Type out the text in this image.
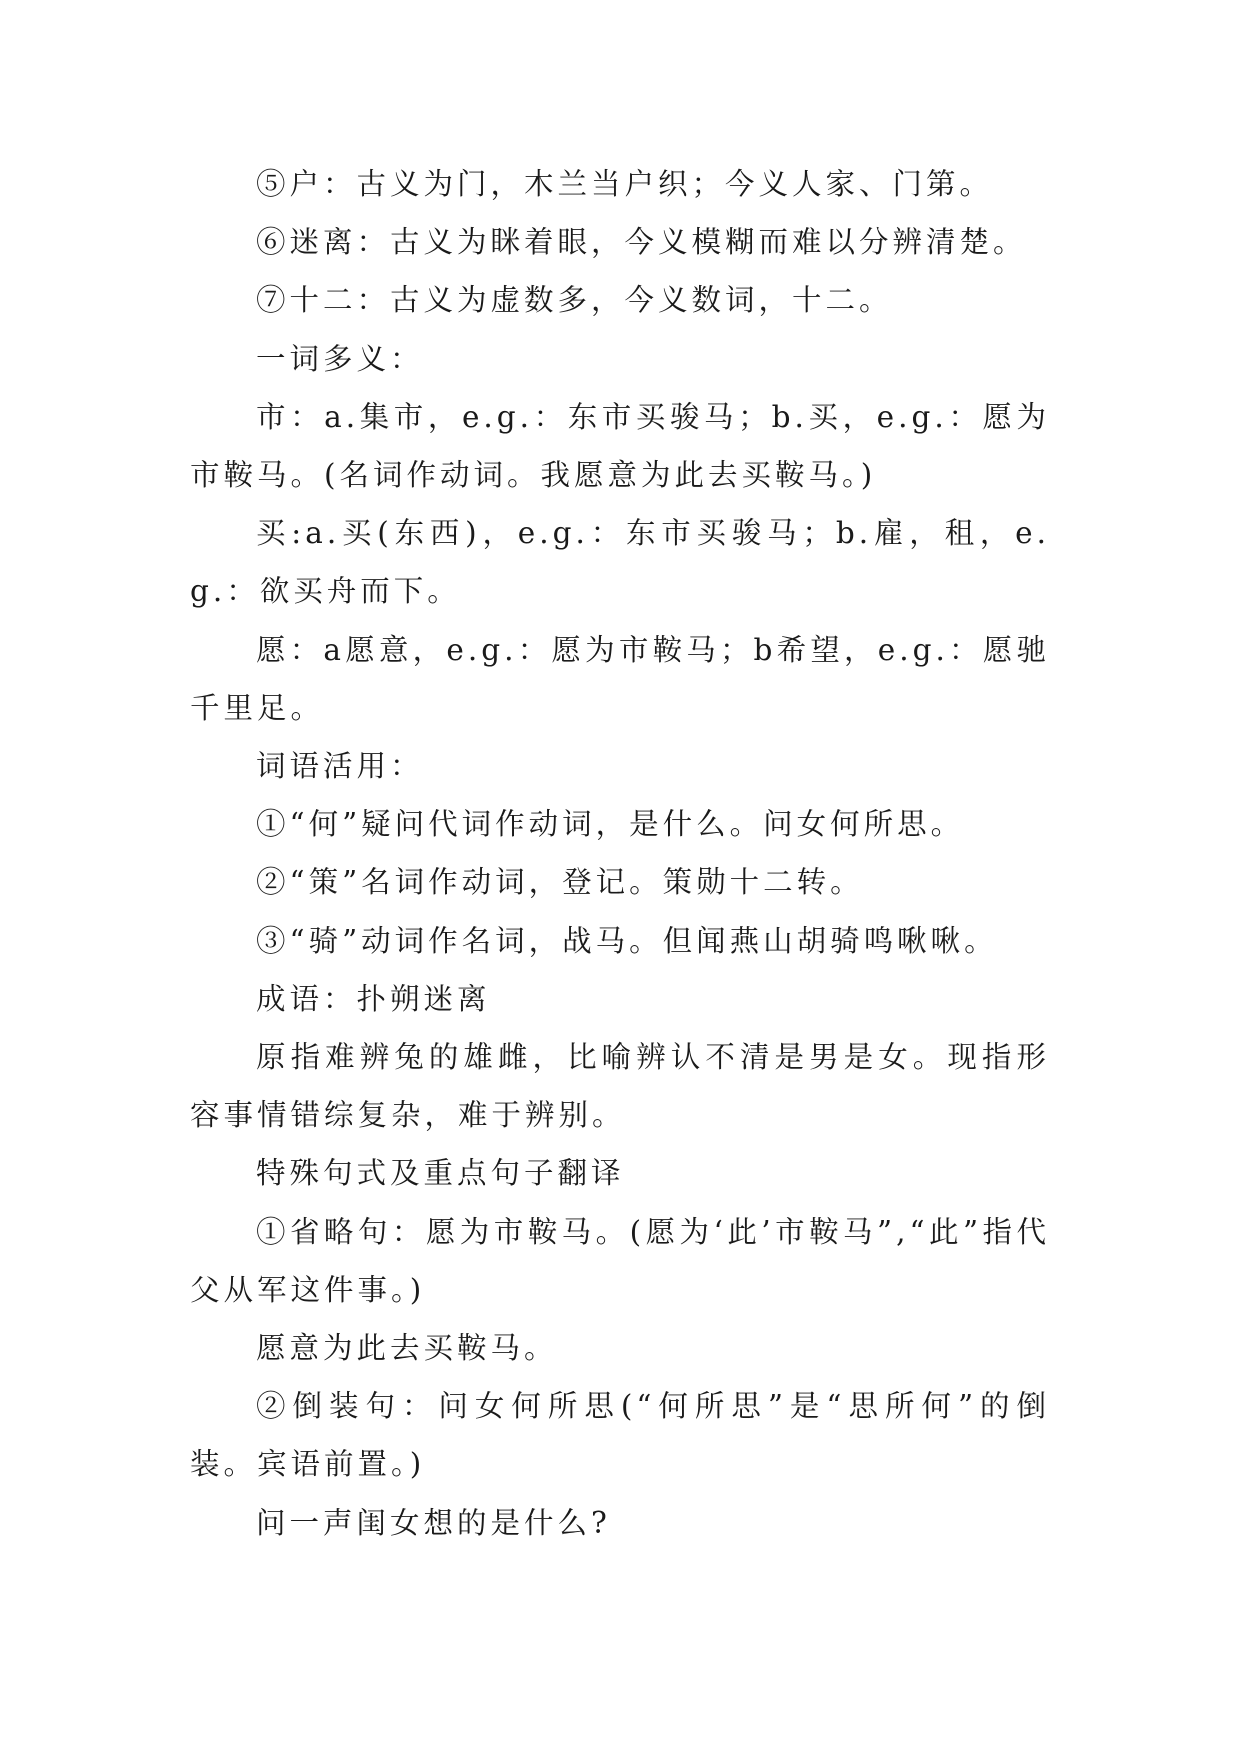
⑤户：古义为门，木兰当户织；今义人家、门第。

⑥迷离：古义为眯着眼，今义模糊而难以分辨清楚。

⑦十二：古义为虚数多，今义数词，十二。

一词多义：

市：a.集市，e.g.：东市买骏马；b.买，e.g.：愿为市鞍马。(名词作动词。我愿意为此去买鞍马。)

买:a.买(东西)，e.g.：东市买骏马；b.雇，租，e.g.：欲买舟而下。

愿：a愿意，e.g.：愿为市鞍马；b希望，e.g.：愿驰千里足。

词语活用：

①“何”疑问代词作动词，是什么。问女何所思。

②“策”名词作动词，登记。策勋十二转。

③“骑”动词作名词，战马。但闻燕山胡骑鸣啾啾。

成语：扑朔迷离

原指难辨兔的雄雌，比喻辨认不清是男是女。现指形容事情错综复杂，难于辨别。

特殊句式及重点句子翻译

①省略句：愿为市鞍马。(愿为‘此’市鞍马”,“此”指代父从军这件事。)

愿意为此去买鞍马。

②倒装句：问女何所思(“何所思”是“思所何”的倒装。宾语前置。)

问一声闺女想的是什么?
